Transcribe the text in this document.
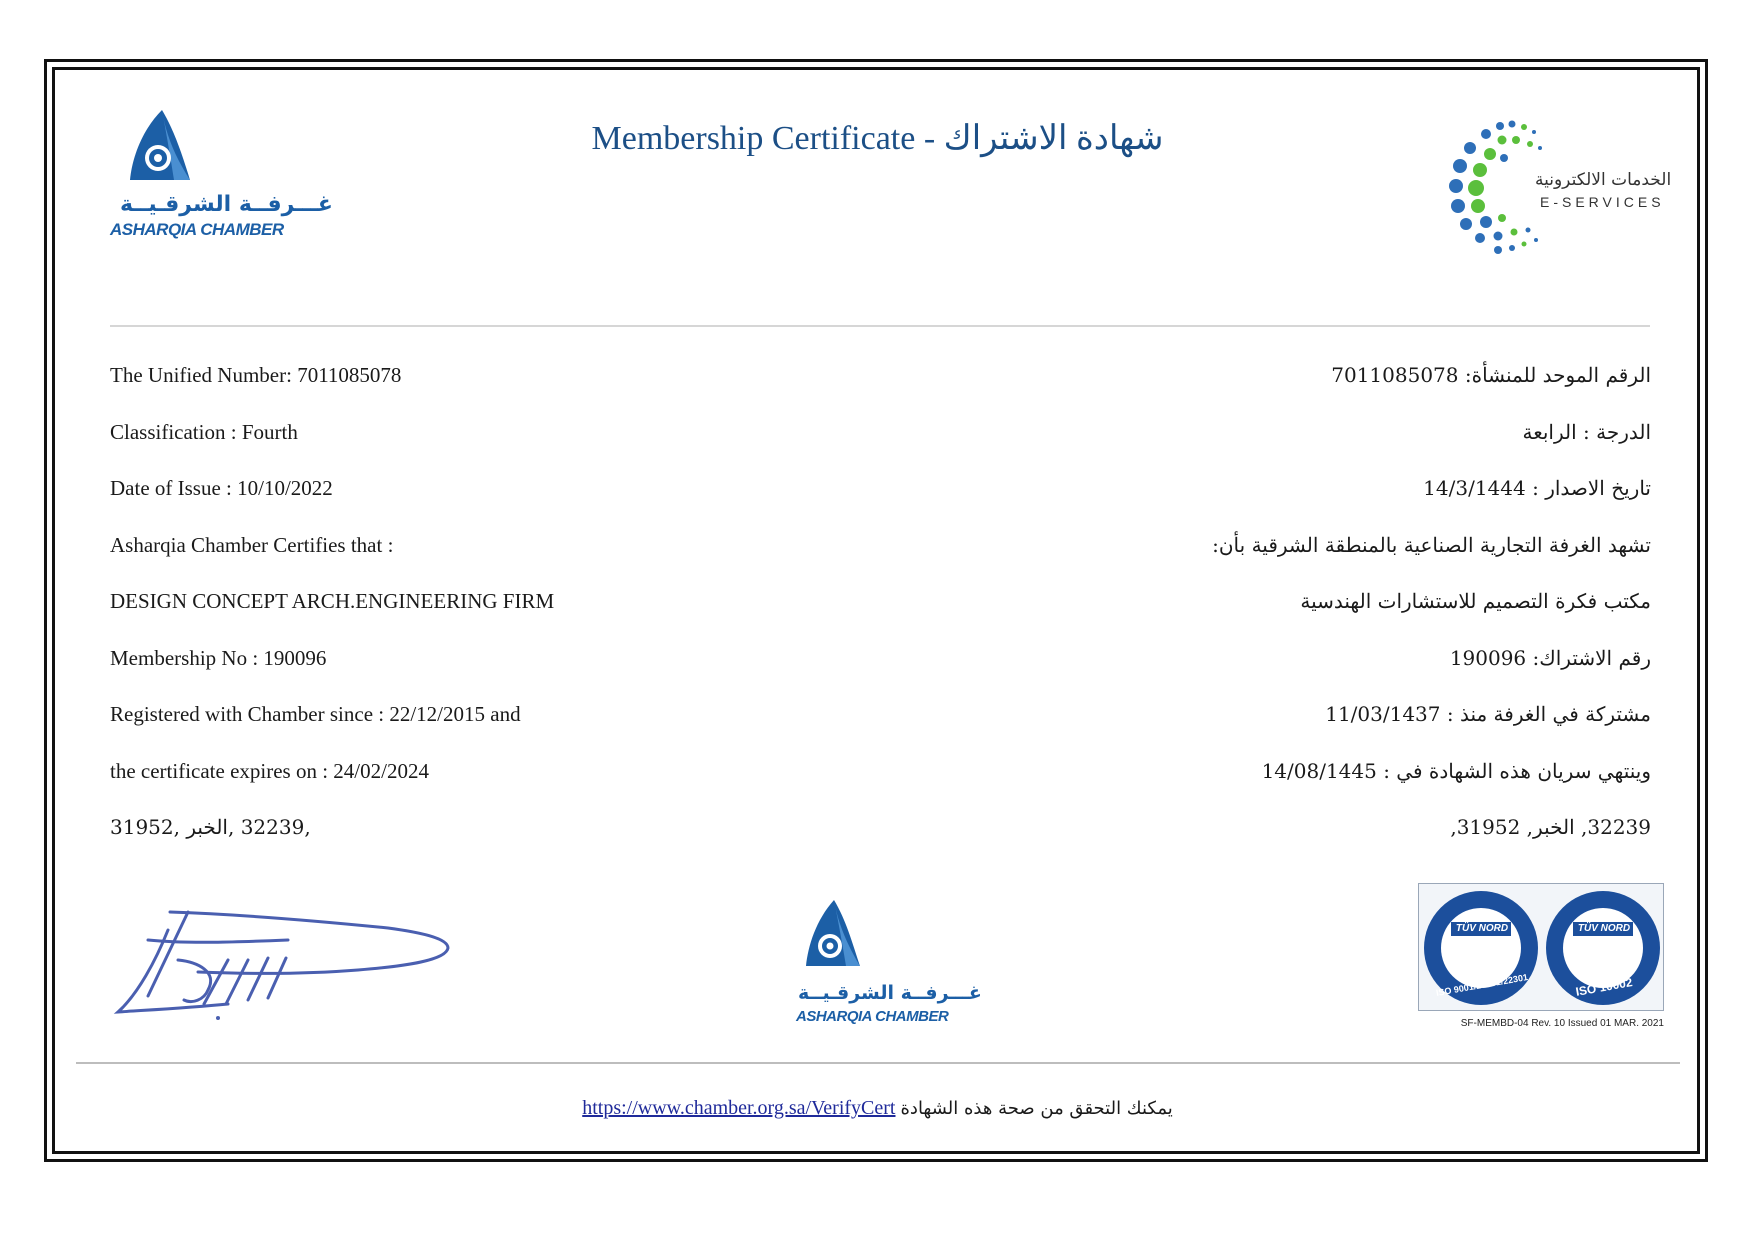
Membership Certificate - شهادة الاشتراك
غـــرفــة الشرقـيــة
ASHARQIA CHAMBER
الخدمات الالكترونية
E-SERVICES
The Unified Number: 7011085078
Classification : Fourth
Date of Issue : 10/10/2022
Asharqia Chamber Certifies that :
DESIGN CONCEPT ARCH.ENGINEERING FIRM
Membership No : 190096
Registered with Chamber since : 22/12/2015 and
the certificate expires on : 24/02/2024
,32239 ,الخبر ,31952
الرقم الموحد للمنشأة: 7011085078
الدرجة : الرابعة
تاريخ الاصدار : 14/3/1444
تشهد الغرفة التجارية الصناعية بالمنطقة الشرقية بأن:
مكتب فكرة التصميم للاستشارات الهندسية
رقم الاشتراك: 190096
مشتركة في الغرفة منذ : 11/03/1437
وينتهي سريان هذه الشهادة في : 14/08/1445
32239, الخبر, 31952,
غـــرفــة الشرقـيــة
ASHARQIA CHAMBER
TÜV NORD	TÜV NORD
ISO 9001/27001/22301	ISO 10002
SF-MEMBD-04 Rev. 10 Issued 01 MAR. 2021
https://www.chamber.org.sa/VerifyCert يمكنك التحقق من صحة هذه الشهادة
